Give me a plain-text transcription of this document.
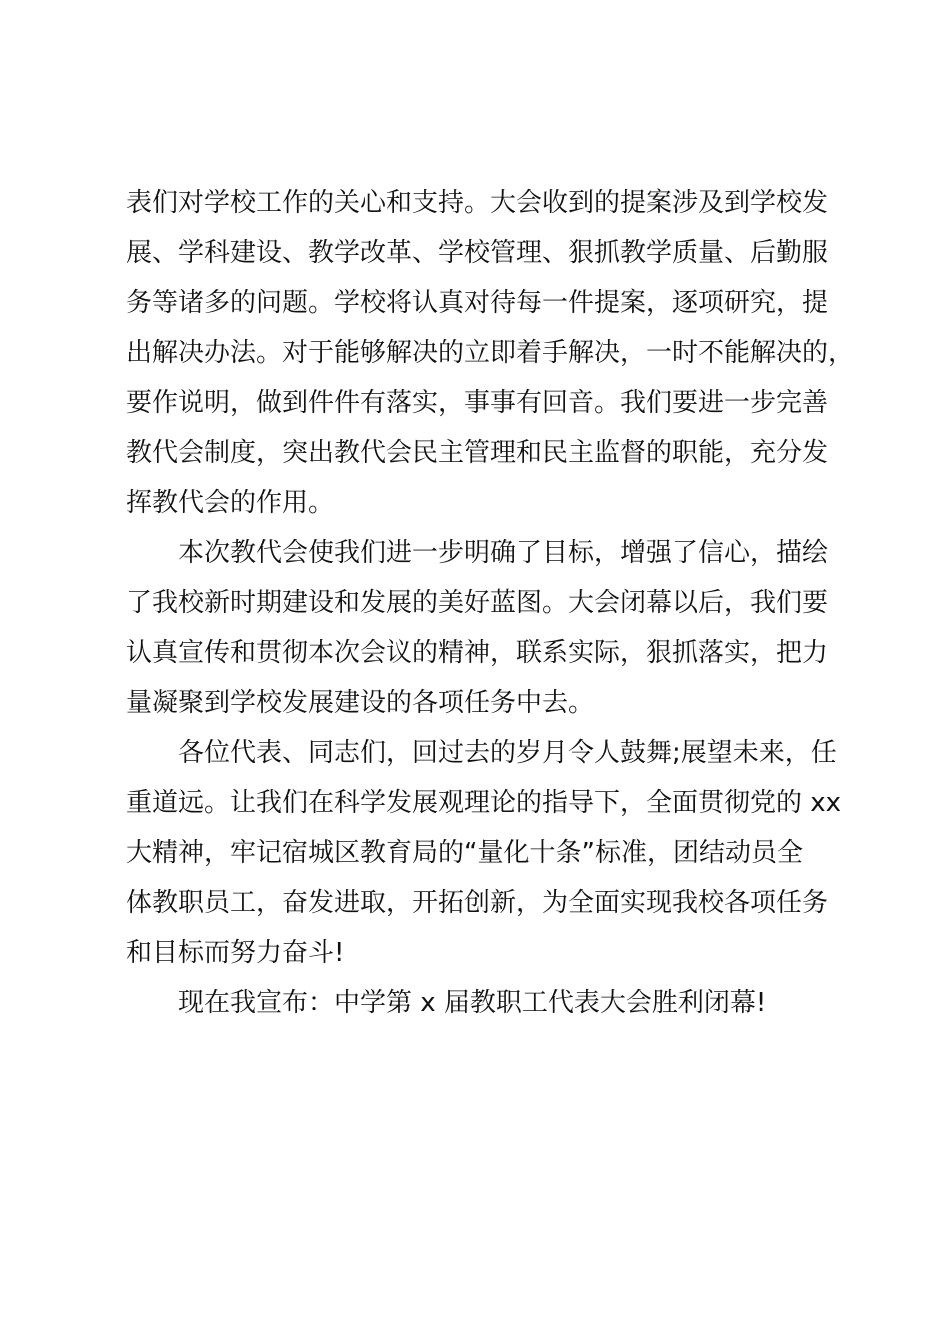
表们对学校工作的关心和支持。大会收到的提案涉及到学校发
展、学科建设、教学改革、学校管理、狠抓教学质量、后勤服
务等诸多的问题。学校将认真对待每一件提案，逐项研究，提
出解决办法。对于能够解决的立即着手解决，一时不能解决的，
要作说明，做到件件有落实，事事有回音。我们要进一步完善
教代会制度，突出教代会民主管理和民主监督的职能，充分发
挥教代会的作用。
　　本次教代会使我们进一步明确了目标，增强了信心，描绘
了我校新时期建设和发展的美好蓝图。大会闭幕以后，我们要
认真宣传和贯彻本次会议的精神，联系实际，狠抓落实，把力
量凝聚到学校发展建设的各项任务中去。
　　各位代表、同志们，回过去的岁月令人鼓舞;展望未来，任
重道远。让我们在科学发展观理论的指导下，全面贯彻党的 xx
大精神，牢记宿城区教育局的“量化十条”标准，团结动员全
体教职员工，奋发进取，开拓创新，为全面实现我校各项任务
和目标而努力奋斗!
　　现在我宣布：中学第 x 届教职工代表大会胜利闭幕!
